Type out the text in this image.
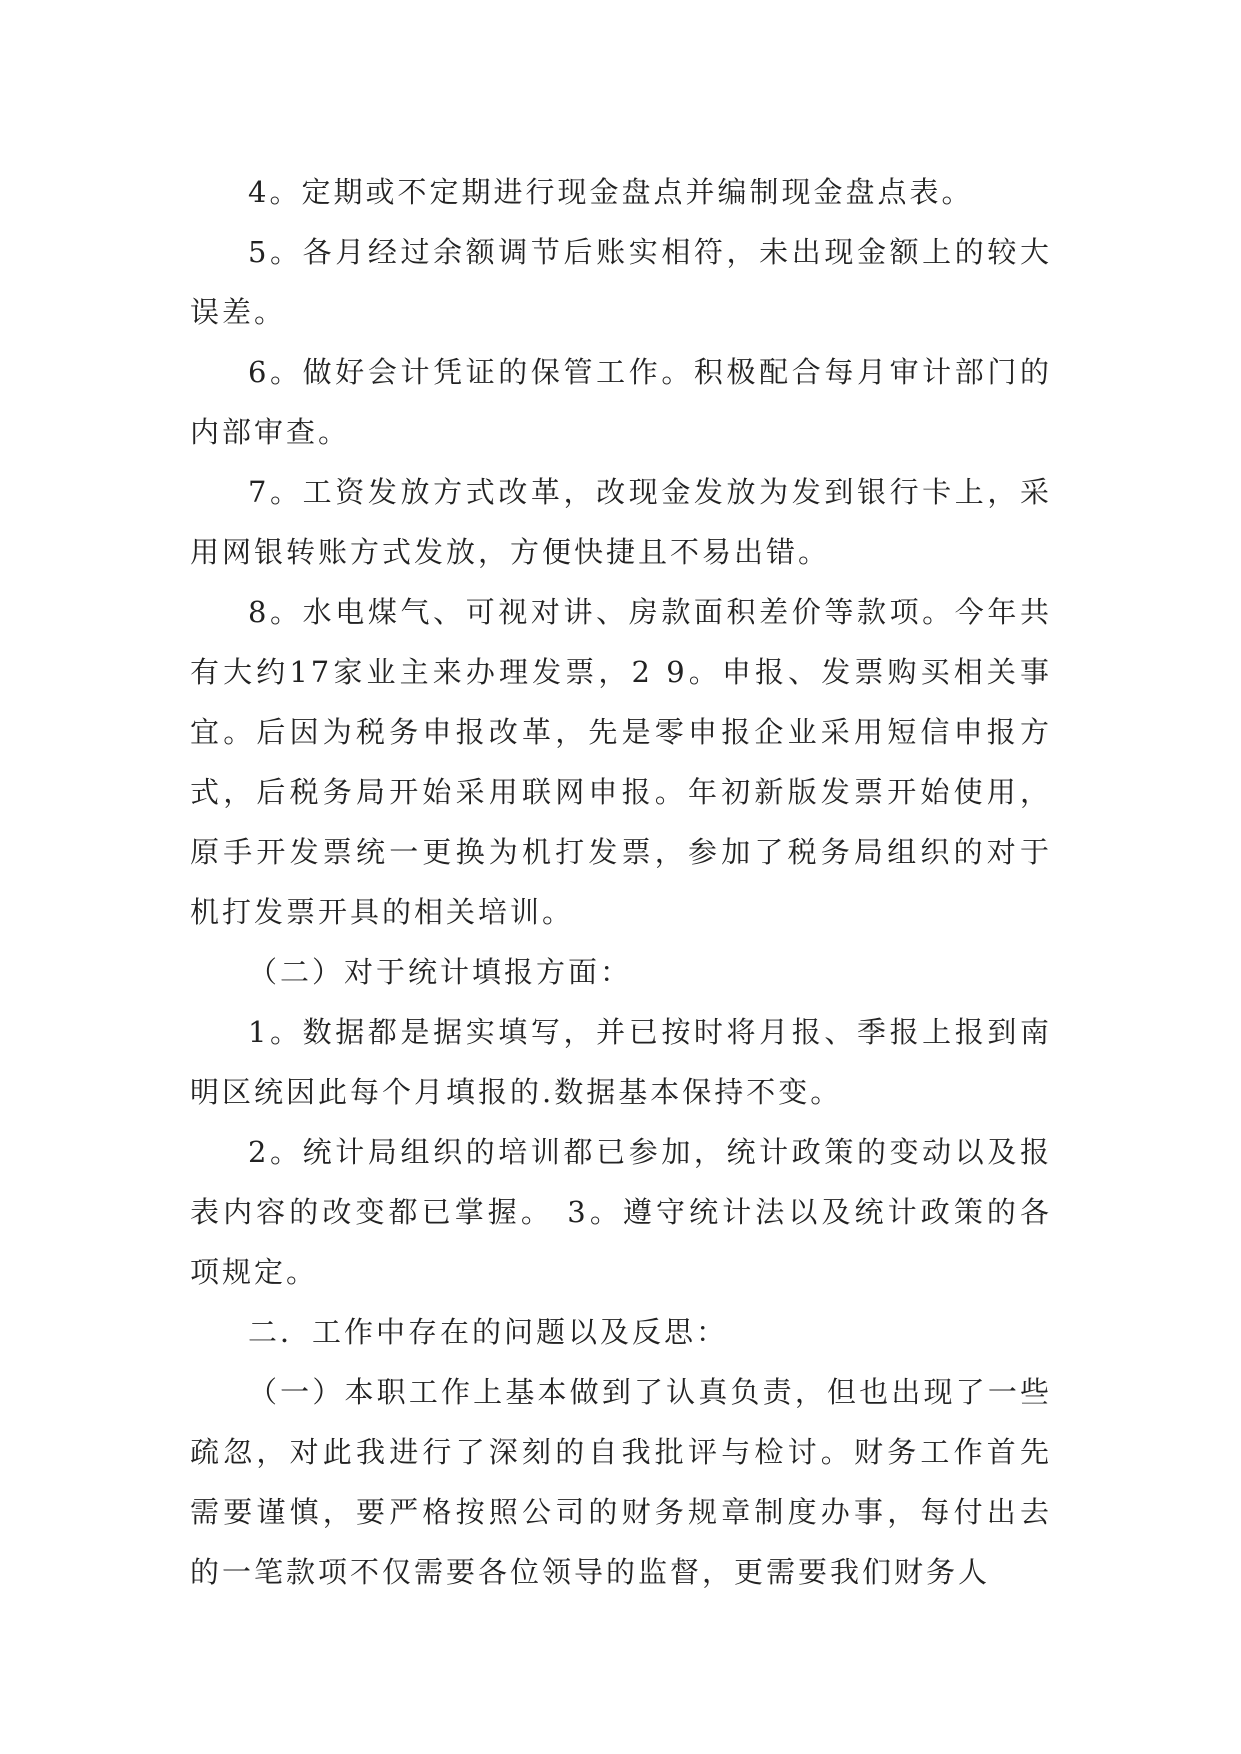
4。定期或不定期进行现金盘点并编制现金盘点表。

5。各月经过余额调节后账实相符，未出现金额上的较大误差。

6。做好会计凭证的保管工作。积极配合每月审计部门的内部审查。

7。工资发放方式改革，改现金发放为发到银行卡上，采用网银转账方式发放，方便快捷且不易出错。

8。水电煤气、可视对讲、房款面积差价等款项。今年共有大约17家业主来办理发票，2 9。申报、发票购买相关事宜。后因为税务申报改革，先是零申报企业采用短信申报方式，后税务局开始采用联网申报。年初新版发票开始使用，原手开发票统一更换为机打发票，参加了税务局组织的对于机打发票开具的相关培训。

（二）对于统计填报方面：

1。数据都是据实填写，并已按时将月报、季报上报到南明区统因此每个月填报的.数据基本保持不变。

2。统计局组织的培训都已参加，统计政策的变动以及报表内容的改变都已掌握。 3。遵守统计法以及统计政策的各项规定。

二．工作中存在的问题以及反思：

（一）本职工作上基本做到了认真负责，但也出现了一些疏忽，对此我进行了深刻的自我批评与检讨。财务工作首先需要谨慎，要严格按照公司的财务规章制度办事，每付出去的一笔款项不仅需要各位领导的监督，更需要我们财务人
